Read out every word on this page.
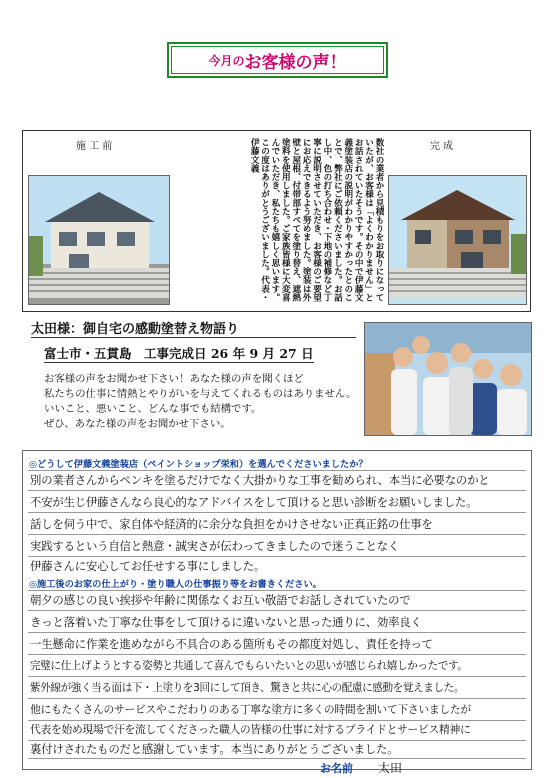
今月の お客様の声！
施 工 前	完 成
数社の業者から見積もりをお取りになっていたが、お客様は「よくわかりません」とお話されていたそうです。その中で伊藤文義塗装店の説明がわかりやすかったとのことで、弊社にご依頼くださいました。お話し中、色の打ち合わせ・下地の補修など丁寧に説明させていただき、お客様のご要望にお応えできるよう努めました。塗装は外壁と屋根、付帯部すべてを塗り替え、遮熱塗料を使用しました。ご家族皆様に大変喜んでいただき、私たちも嬉しく思います。この度はありがとうございました。代表・伊藤文義
太田様：御自宅の感動塗替え物語り
富士市・五貫島　工事完成日 26 年 9 月 27 日
お客様の声をお聞かせ下さい！あなた様の声を聞くほど
私たちの仕事に情熱とやりがいを与えてくれるものはありません。
いいこと、悪いこと、どんな事でも結構です。
ぜひ、あなた様の声をお聞かせ下さい。
◎どうして伊藤文義塗装店（ペイントショップ栄和）を選んでくださいましたか？
別の業者さんからペンキを塗るだけでなく大掛かりな工事を勧められ、本当に必要なのかと
不安が生じ伊藤さんなら良心的なアドバイスをして頂けると思い診断をお願いしました。
話しを伺う中で、家自体や経済的に余分な負担をかけさせない正真正銘の仕事を
実践するという自信と熱意・誠実さが伝わってきましたので迷うことなく
伊藤さんに安心してお任せする事にしました。
◎施工後のお家の仕上がり・塗り職人の仕事振り等をお書きください。
朝夕の感じの良い挨拶や年齢に関係なくお互い敬語でお話しされていたので
きっと落着いた丁寧な仕事をして頂けるに違いないと思った通りに、効率良く
一生懸命に作業を進めながら不具合のある箇所もその都度対処し、責任を持って
完璧に仕上げようとする姿勢と共通して喜んでもらいたいとの思いが感じられ嬉しかったです。
紫外線が強く当る面は下・上塗りを3回にして頂き、驚きと共に心の配慮に感動を覚えました。
他にもたくさんのサービスやこだわりのある丁寧な塗方に多くの時間を割いて下さいましたが
代表を始め現場で汗を流してくださった職人の皆様の仕事に対するプライドとサービス精神に
裏付けされたものだと感謝しています。本当にありがとうございました。
お名前 太田
